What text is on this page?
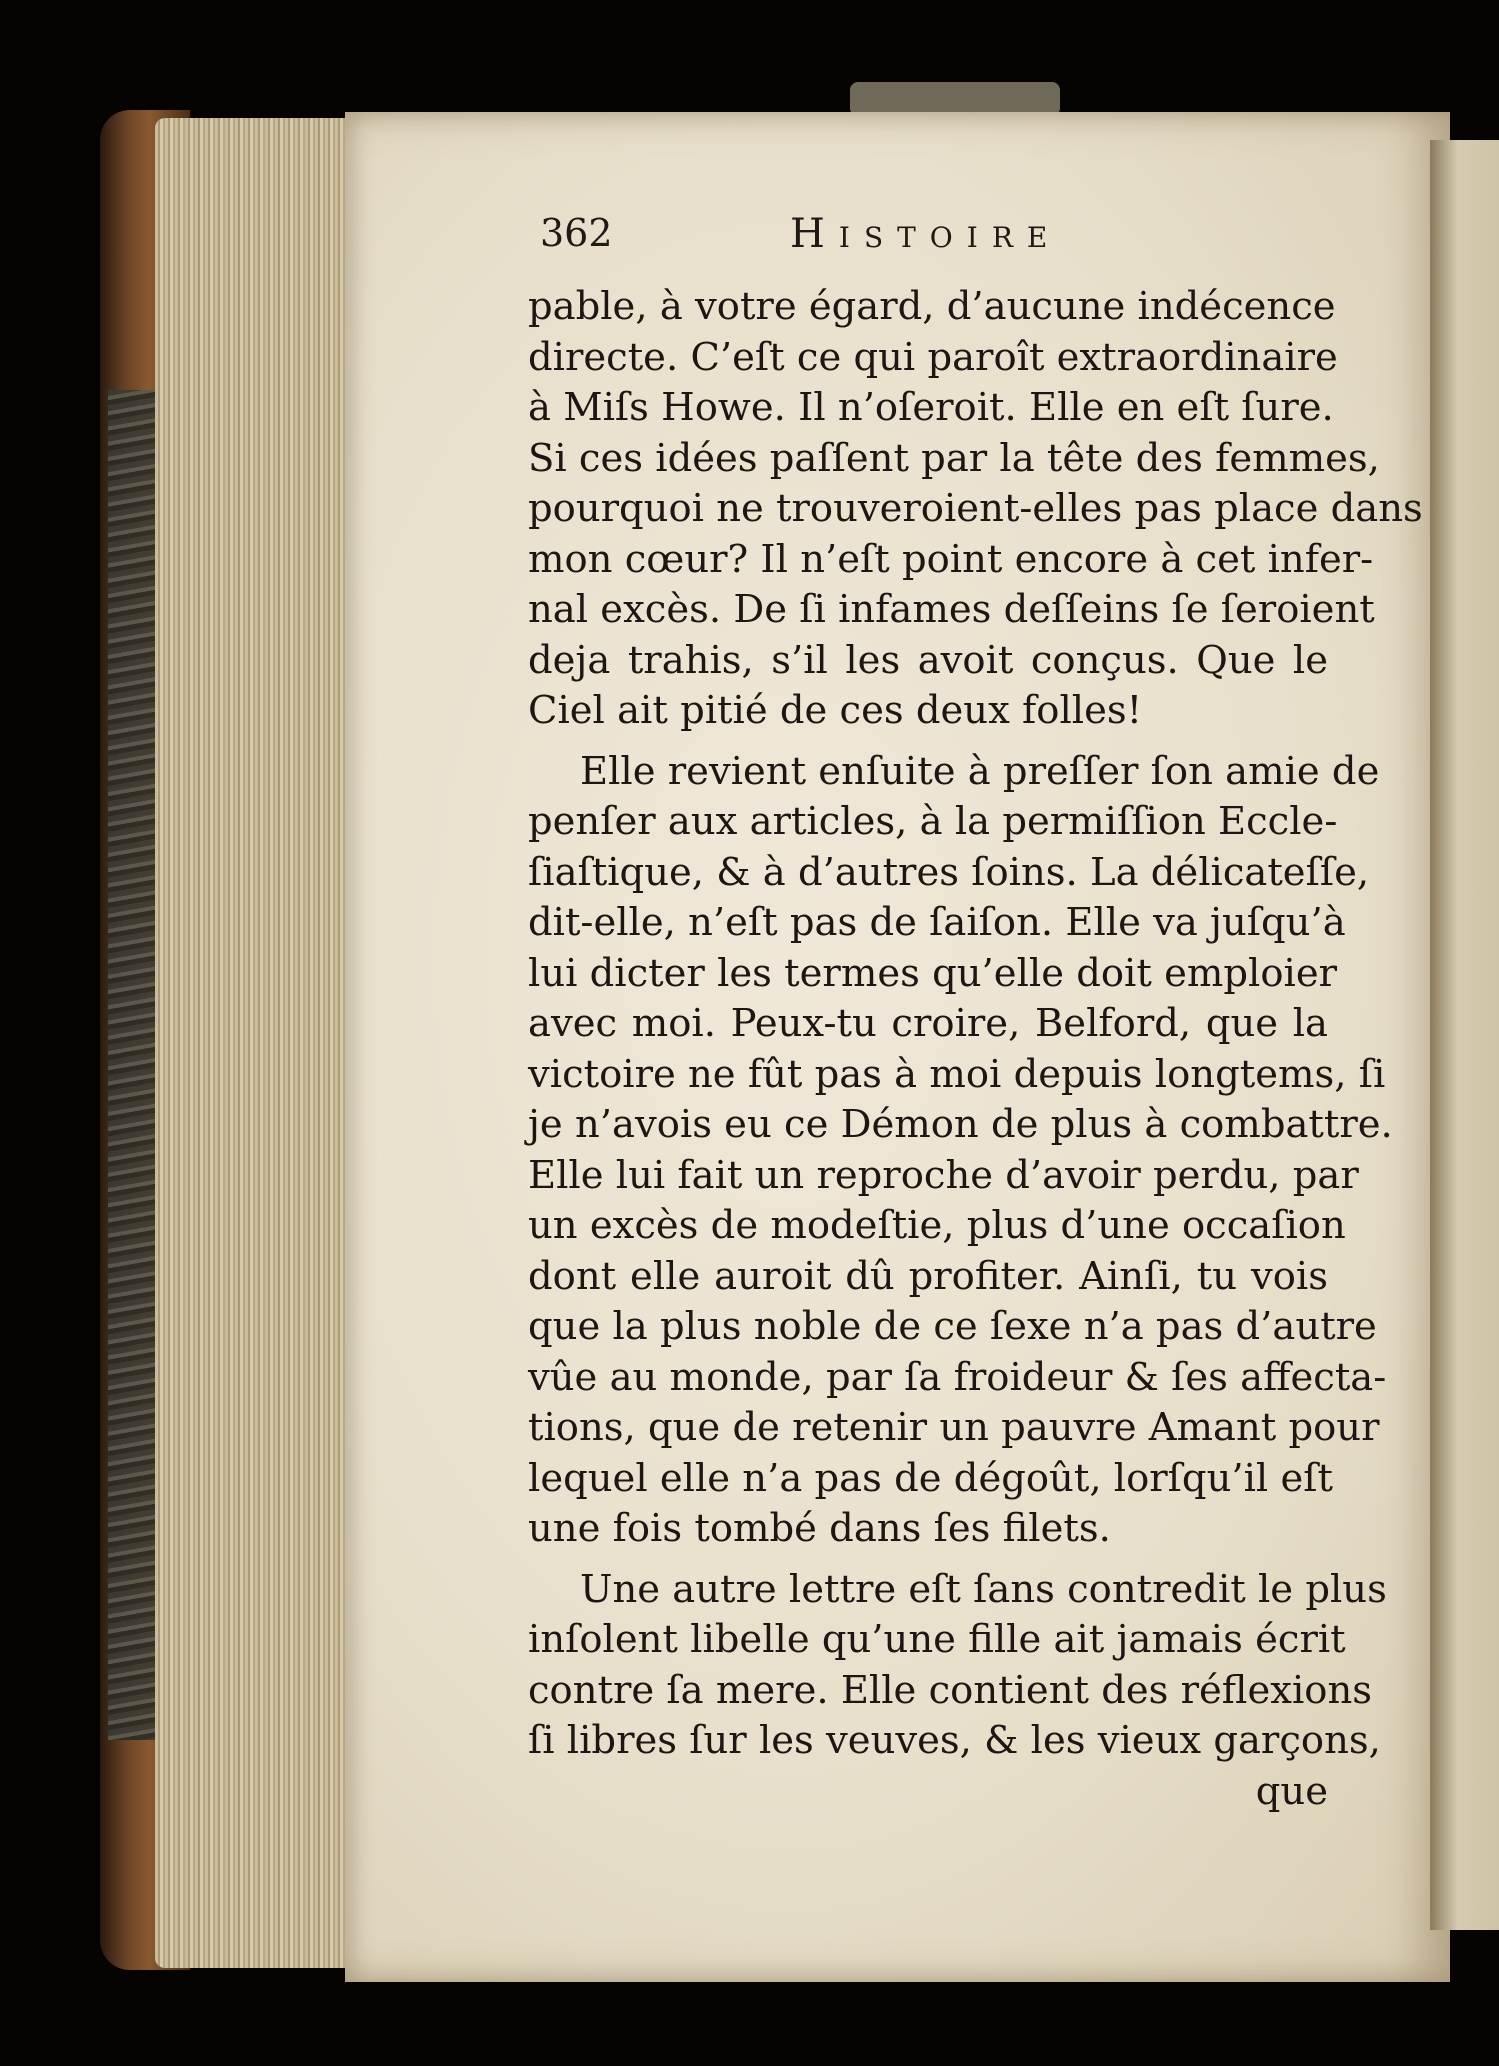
362	Histoire
pable, à votre égard, d’aucune indécence
directe. C’eſt ce qui paroît extraordinaire
à Miſs Howe. Il n’oſeroit. Elle en eſt ſure.
Si ces idées paſſent par la tête des femmes,
pourquoi ne trouveroient-elles pas place dans
mon cœur? Il n’eſt point encore à cet infer-
nal excès. De ſi infames deſſeins ſe ſeroient
deja trahis, s’il les avoit conçus. Que le
Ciel ait pitié de ces deux folles!
Elle revient enſuite à preſſer ſon amie de
penſer aux articles, à la permiſſion Eccle-
ſiaſtique, & à d’autres ſoins. La délicateſſe,
dit-elle, n’eſt pas de ſaiſon. Elle va juſqu’à
lui dicter les termes qu’elle doit emploier
avec moi. Peux-tu croire, Belford, que la
victoire ne fût pas à moi depuis longtems, ſi
je n’avois eu ce Démon de plus à combattre.
Elle lui fait un reproche d’avoir perdu, par
un excès de modeſtie, plus d’une occaſion
dont elle auroit dû profiter. Ainſi, tu vois
que la plus noble de ce ſexe n’a pas d’autre
vûe au monde, par ſa froideur & ſes affecta-
tions, que de retenir un pauvre Amant pour
lequel elle n’a pas de dégoût, lorſqu’il eſt
une fois tombé dans ſes filets.
Une autre lettre eſt ſans contredit le plus
inſolent libelle qu’une fille ait jamais écrit
contre ſa mere. Elle contient des réflexions
ſi libres ſur les veuves, & les vieux garçons,
que
